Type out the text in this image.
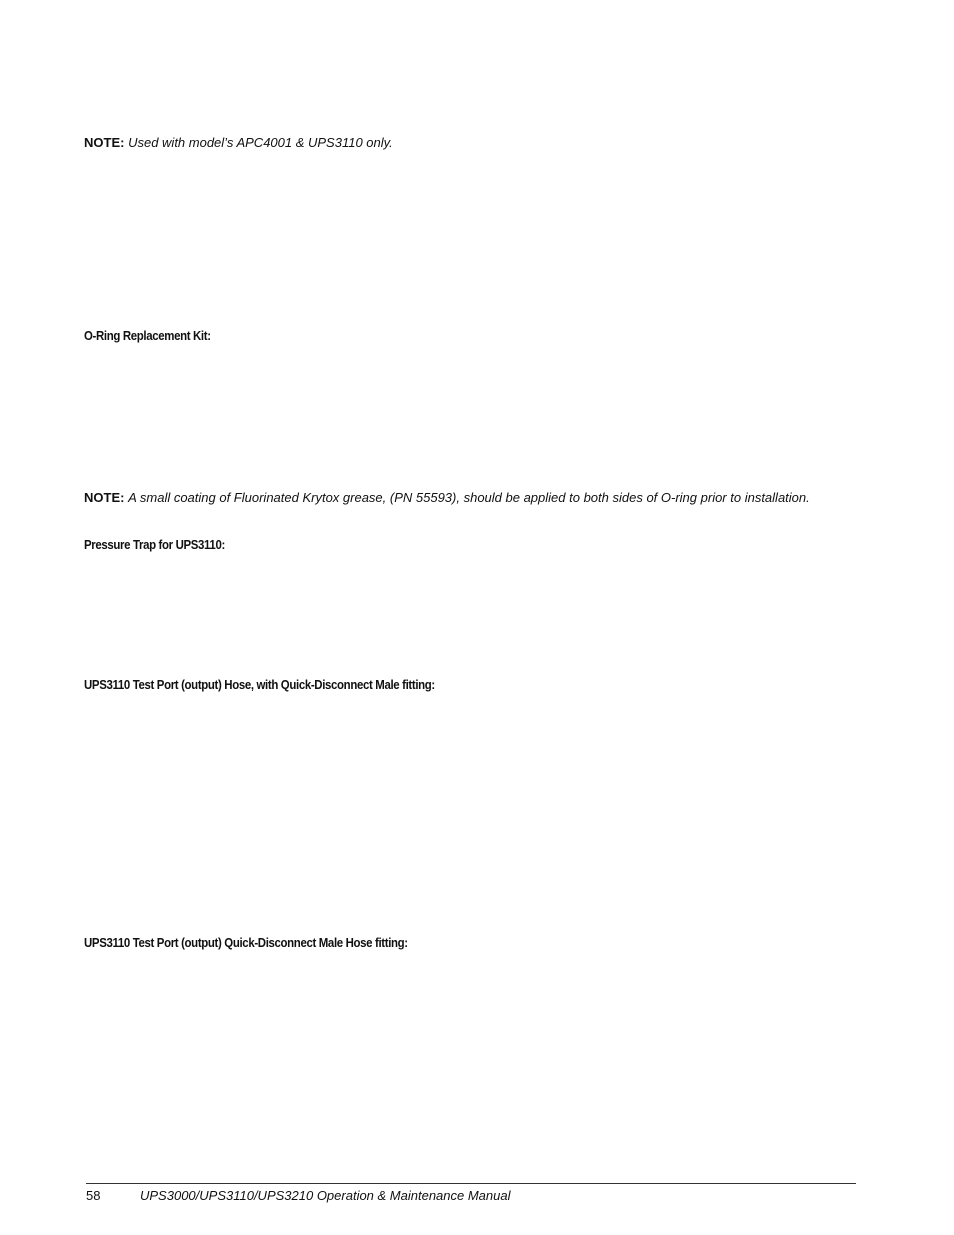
NOTE: Used with model’s APC4001 & UPS3110 only.
O-Ring Replacement Kit:
NOTE: A small coating of Fluorinated Krytox grease, (PN 55593), should be applied to both sides of O-ring prior to installation.
Pressure Trap for UPS3110:
UPS3110 Test Port (output) Hose, with Quick-Disconnect Male fitting:
UPS3110 Test Port (output) Quick-Disconnect Male Hose fitting:
58	UPS3000/UPS3110/UPS3210 Operation & Maintenance Manual
